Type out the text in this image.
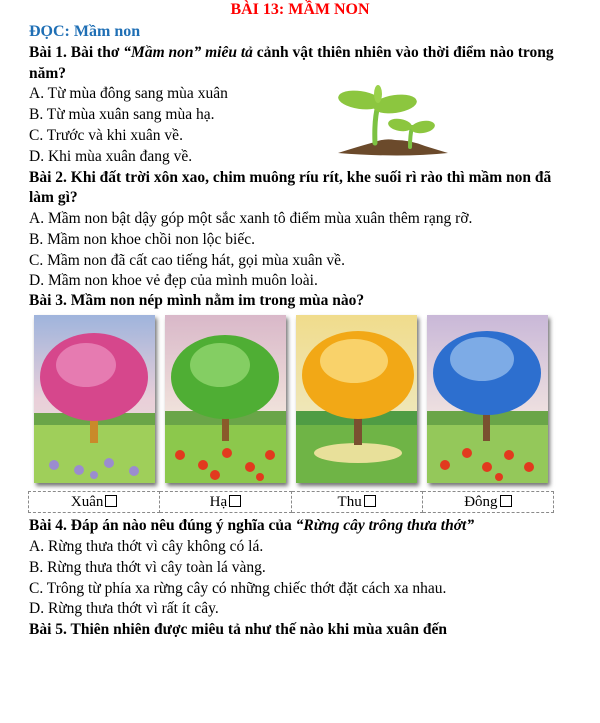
BÀI 13: MẦM NON
ĐỌC: Mầm non
Bài 1. Bài thơ “Mầm non” miêu tả cảnh vật thiên nhiên vào thời điểm nào trong
năm?
A. Từ mùa đông sang mùa xuân
B. Từ mùa xuân sang mùa hạ.
C. Trước và khi xuân về.
D. Khi mùa xuân đang về.
Bài 2. Khi đất trời xôn xao, chim muông ríu rít, khe suối rì rào thì mầm non đã
làm gì?
A. Mầm non bật dậy góp một sắc xanh tô điểm mùa xuân thêm rạng rỡ.
B. Mầm non khoe chồi non lộc biếc.
C. Mầm non đã cất cao tiếng hát, gọi mùa xuân về.
D. Mầm non khoe vẻ đẹp của mình muôn loài.
Bài 3. Mầm non nép mình nằm im trong mùa nào?
Xuân	Hạ	Thu	Đông
Bài 4. Đáp án nào nêu đúng ý nghĩa của “Rừng cây trông thưa thớt”
A. Rừng thưa thớt vì cây không có lá.
B. Rừng thưa thớt vì cây toàn lá vàng.
C. Trông từ phía xa rừng cây có những chiếc thớt đặt cách xa nhau.
D. Rừng thưa thớt vì rất ít cây.
Bài 5. Thiên nhiên được miêu tả như thế nào khi mùa xuân đến
